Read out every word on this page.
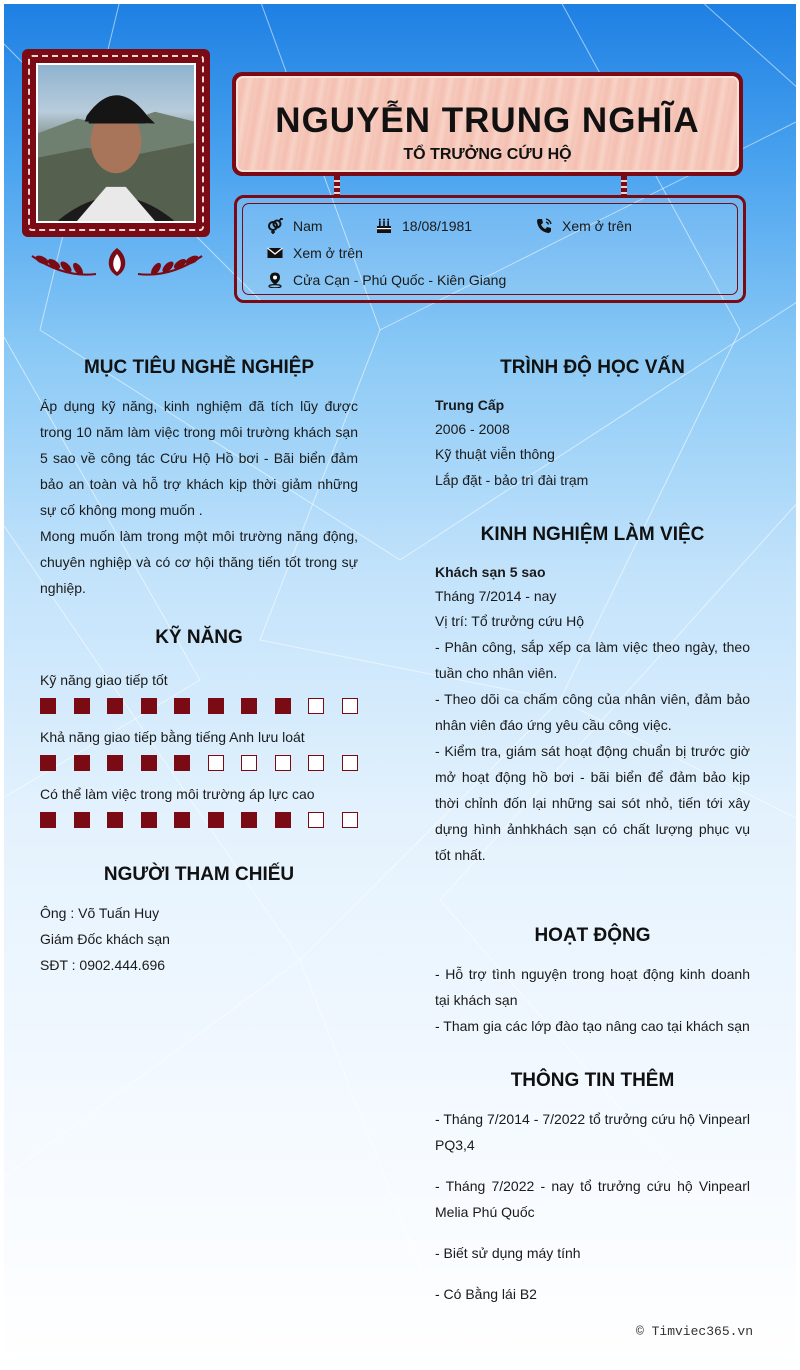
NGUYỄN TRUNG NGHĨA
TỔ TRƯỞNG CỨU HỘ
Nam	18/08/1981	Xem ở trên
Xem ở trên
Cửa Cạn - Phú Quốc - Kiên Giang
MỤC TIÊU NGHỀ NGHIỆP
Áp dụng kỹ năng, kinh nghiệm đã tích lũy được trong 10 năm làm việc trong môi trường khách sạn 5 sao về công tác Cứu Hộ Hồ bơi - Bãi biển đảm bảo an toàn và hỗ trợ khách kịp thời giảm những sự cố không mong muốn .
Mong muốn làm trong một môi trường năng động, chuyên nghiệp và có cơ hội thăng tiến tốt trong sự nghiệp.
KỸ NĂNG
Kỹ năng giao tiếp tốt
Khả năng giao tiếp bằng tiếng Anh lưu loát
Có thể làm việc trong môi trường áp lực cao
NGƯỜI THAM CHIẾU
Ông : Võ Tuấn Huy
Giám Đốc khách sạn
SĐT : 0902.444.696
TRÌNH ĐỘ HỌC VẤN
Trung Cấp
2006 - 2008
Kỹ thuật viễn thông
Lắp đặt - bảo trì đài trạm
KINH NGHIỆM LÀM VIỆC
Khách sạn 5 sao
Tháng 7/2014 - nay
Vị trí: Tổ trưởng cứu Hộ
- Phân công, sắp xếp ca làm việc theo ngày, theo tuần cho nhân viên.
- Theo dõi ca chấm công của nhân viên, đảm bảo nhân viên đáo ứng yêu cầu công việc.
- Kiểm tra, giám sát hoạt động chuẩn bị trước giờ mở hoạt động hồ bơi - bãi biển để đảm bảo kịp thời chỉnh đốn lại những sai sót nhỏ, tiến tới xây dựng hình ảnhkhách sạn có chất lượng phục vụ tốt nhất.
HOẠT ĐỘNG
- Hỗ trợ tình nguyện trong hoạt động kinh doanh tại khách sạn
- Tham gia các lớp đào tạo nâng cao tại khách sạn
THÔNG TIN THÊM
- Tháng 7/2014 - 7/2022 tổ trưởng cứu hộ Vinpearl PQ3,4
- Tháng 7/2022 - nay tổ trưởng cứu hộ Vinpearl Melia Phú Quốc
- Biết sử dụng máy tính
- Có Bằng lái B2
© Timviec365.vn
